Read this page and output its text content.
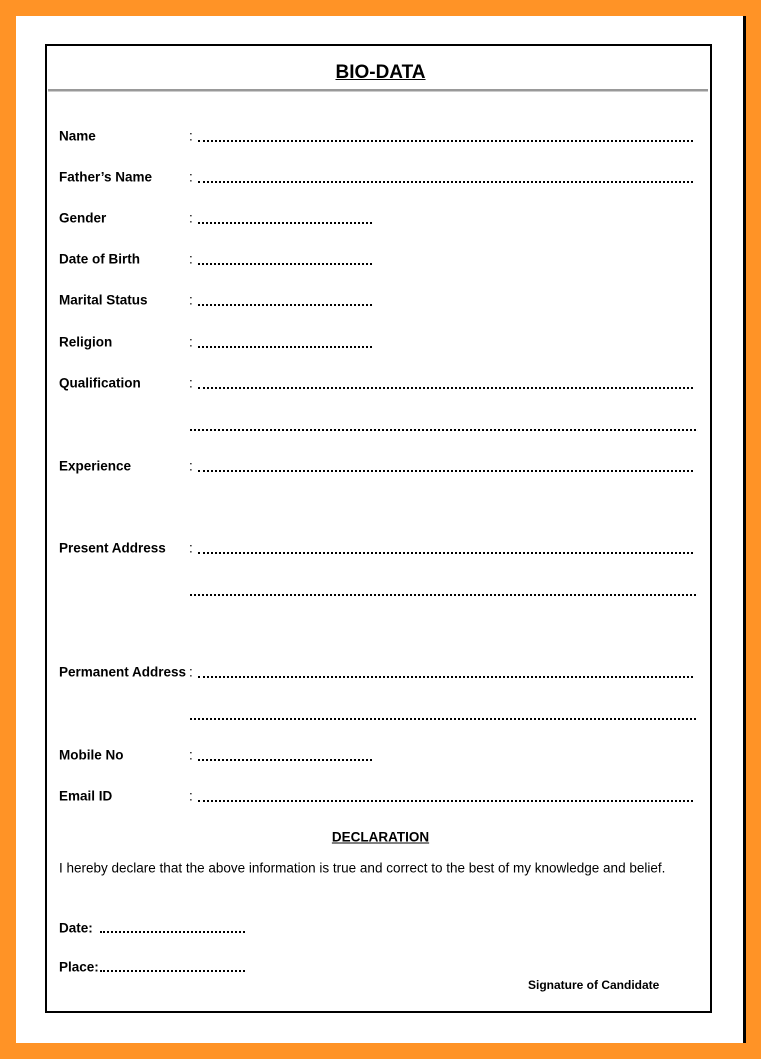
BIO-DATA
Name	:
Father’s Name	:
Gender	:
Date of Birth	:
Marital Status	:
Religion	:
Qualification	:
Experience	:
Present Address :
Permanent Address :
Mobile No	:
Email ID	:
DECLARATION
I hereby declare that the above information is true and correct to the best of my knowledge and belief.
Date:
Place:
Signature of Candidate
